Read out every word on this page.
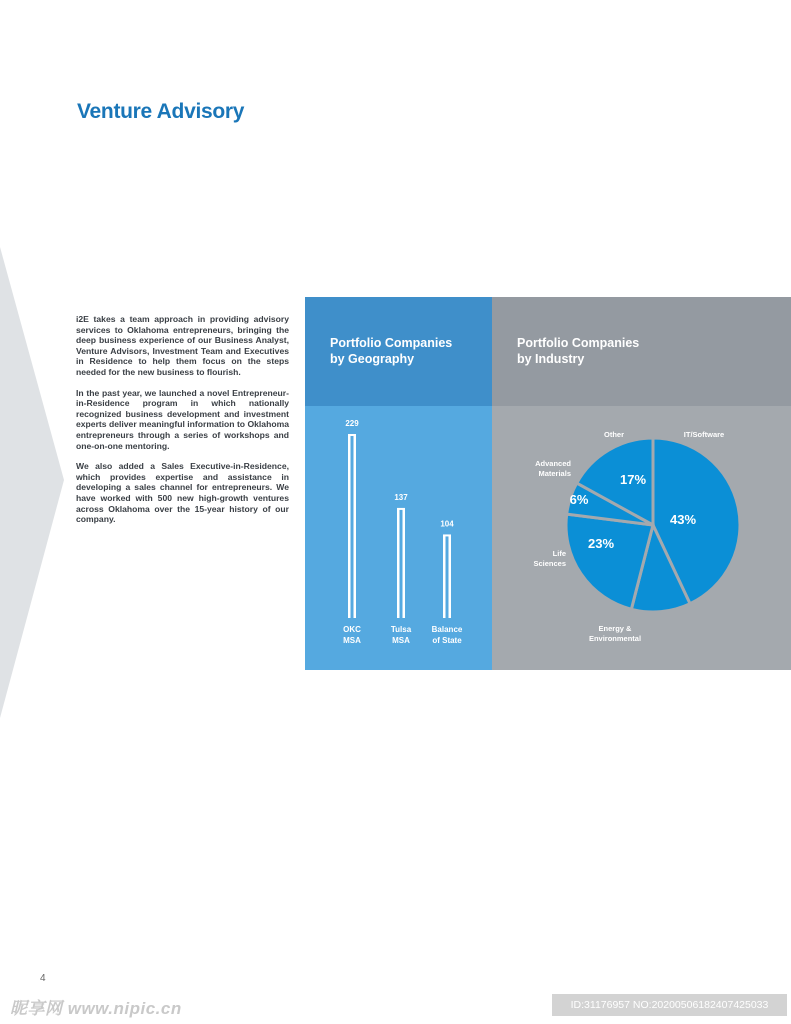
Venture Advisory

i2E takes a team approach in providing advisory services to Oklahoma entrepreneurs, bringing the deep business experience of our Business Analyst, Venture Advisors, Investment Team and Executives in Residence to help them focus on the steps needed for the new business to flourish.

In the past year, we launched a novel Entrepreneur-in-Residence program in which nationally recognized business development and investment experts deliver meaningful information to Oklahoma entrepreneurs through a series of workshops and one-on-one mentoring.

We also added a Sales Executive-in-Residence, which provides expertise and assistance in developing a sales channel for entrepreneurs. We have worked with 500 new high-growth ventures across Oklahoma over the 15-year history of our company.

Portfolio Companies
by Geography
229
OKC
MSA
137
Tulsa
MSA
104
Balance
of State
Portfolio Companies
by Industry
43%
IT/Software
Energy &
Environmental
23%
Life
Sciences
6%
Advanced
Materials	17%
Other
4
昵享网 www.nipic.cn	ID:31176957 NO:20200506182407425033
